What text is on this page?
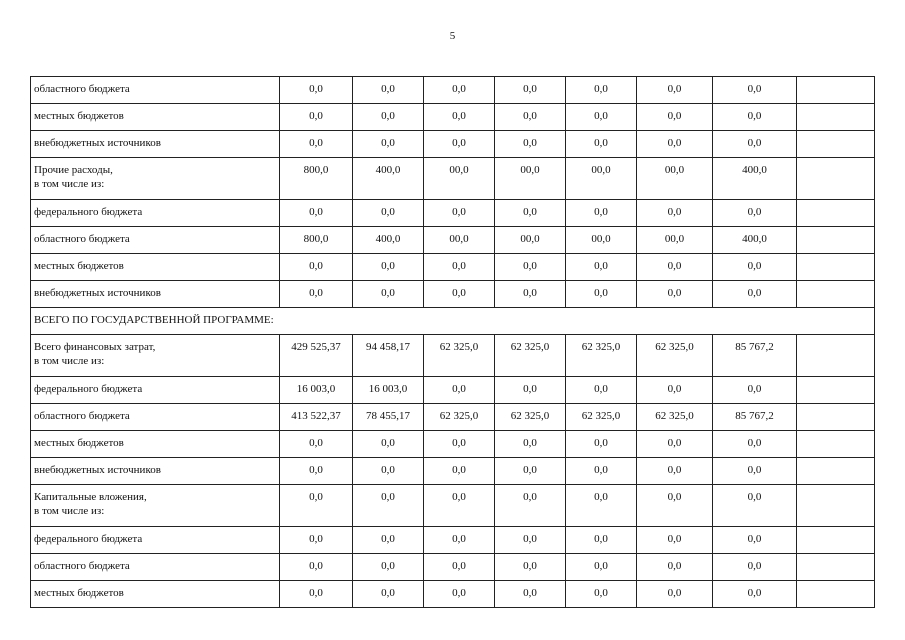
5
областного бюджета	0,0	0,0	0,0	0,0	0,0	0,0	0,0	

местных бюджетов	0,0	0,0	0,0	0,0	0,0	0,0	0,0	

внебюджетных источников	0,0	0,0	0,0	0,0	0,0	0,0	0,0	

Прочие расходы,
в том числе из:	800,0	400,0	00,0	00,0	00,0	00,0	400,0	

федерального бюджета	0,0	0,0	0,0	0,0	0,0	0,0	0,0	

областного бюджета	800,0	400,0	00,0	00,0	00,0	00,0	400,0	

местных бюджетов	0,0	0,0	0,0	0,0	0,0	0,0	0,0	

внебюджетных источников	0,0	0,0	0,0	0,0	0,0	0,0	0,0	
ВСЕГО ПО ГОСУДАРСТВЕННОЙ ПРОГРАММЕ:								

Всего финансовых затрат,
в том числе из:	429 525,37	94 458,17	62 325,0	62 325,0	62 325,0	62 325,0	85 767,2	

федерального бюджета	16 003,0	16 003,0	0,0	0,0	0,0	0,0	0,0	

областного бюджета	413 522,37	78 455,17	62 325,0	62 325,0	62 325,0	62 325,0	85 767,2	

местных бюджетов	0,0	0,0	0,0	0,0	0,0	0,0	0,0	

внебюджетных источников	0,0	0,0	0,0	0,0	0,0	0,0	0,0	

Капитальные вложения,
в том числе из:	0,0	0,0	0,0	0,0	0,0	0,0	0,0	

федерального бюджета	0,0	0,0	0,0	0,0	0,0	0,0	0,0	

областного бюджета	0,0	0,0	0,0	0,0	0,0	0,0	0,0	

местных бюджетов	0,0	0,0	0,0	0,0	0,0	0,0	0,0	
